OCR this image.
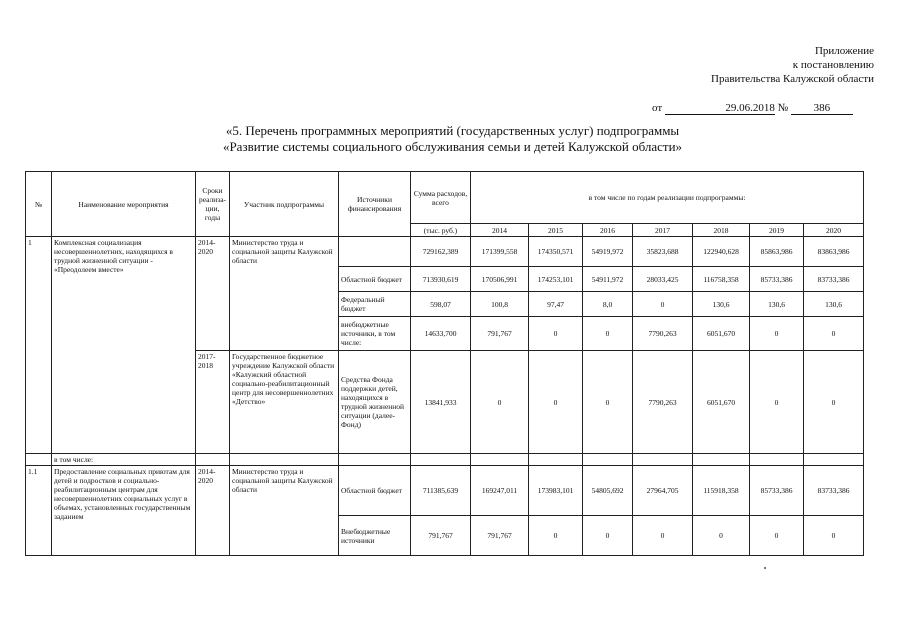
Приложение
к постановлению
Правительства Калужской области
от	29.06.2018 № 386
«5. Перечень программных мероприятий (государственных услуг) подпрограммы
«Развитие системы социального обслуживания семьи и детей Калужской области»
№	Наименование мероприятия	Сроки реализа-ции, годы	Участник подпрограммы	Источники финансирования	Сумма расходов, всего	в том числе по годам реализации подпрограммы:						
					(тыс. руб.)	2014	2015	2016	2017	2018	2019	2020
1	Комплексная социализация несовершеннолетних, находящихся в трудной жизненной ситуации - «Преодолеем вместе»	2014-2020	Министерство труда и социальной защиты Калужской области		729162,389	171399,558	174350,571	54919,972	35823,688	122940,628	85863,986	83863,986
				Областной бюджет	713930,619	170506,991	174253,101	54911,972	28033,425	116758,358	85733,386	83733,386
				Федеральный бюджет	598,07	100,8	97,47	8,0	0	130,6	130,6	130,6
				внебюджетные источники, в том числе:	14633,700	791,767	0	0	7790,263	6051,670	0	0
		2017-2018	Государственное бюджетное учреждение Калужской области «Калужский областной социально-реабилитационный центр для несовершеннолетних «Детство»	Средства Фонда поддержки детей, находящихся в трудной жизненной ситуации (далее-Фонд)	13841,933	0	0	0	7790,263	6051,670	0	0
	в том числе:											
1.1	Предоставление социальных приютам для детей и подростков и социально-реабилитационным центрам для несовершеннолетних социальных услуг в объемах, установленных государственным заданием	2014-2020	Министерство труда и социальной защиты Калужской области	Областной бюджет	711385,639	169247,011	173983,101	54805,692	27964,705	115918,358	85733,386	83733,386
				Внебюджетные источники	791,767	791,767	0	0	0	0	0	0
